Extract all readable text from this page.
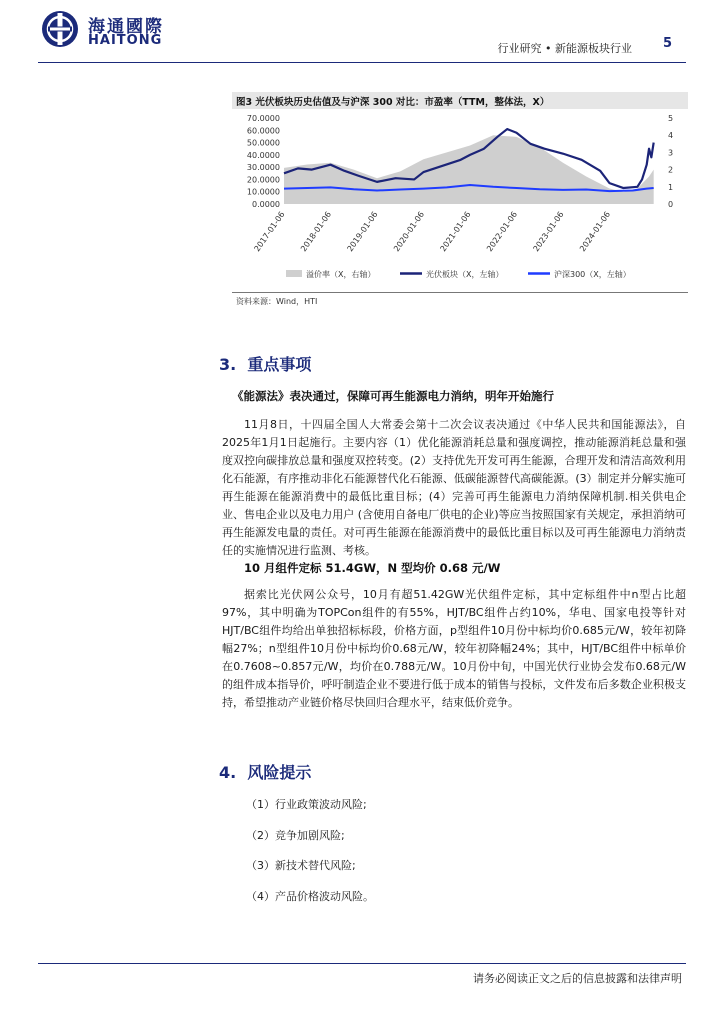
海通國際
HAITONG
行业研究 • 新能源板块行业 5
图3 光伏板块历史估值及与沪深 300 对比：市盈率（TTM，整体法，X）
70.0000
60.0000
50.0000
40.0000
30.0000
20.0000
10.0000
0.0000
5
4
3
2
1
0
2017-01-06 2018-01-06 2019-01-06 2020-01-06 2021-01-06 2022-01-06 2023-01-06 2024-01-06
溢价率（X，右轴）	光伏板块（X，左轴）	沪深300（X，左轴）
资料来源：Wind，HTI
3. 重点事项
《能源法》表决通过，保障可再生能源电力消纳，明年开始施行

11月8日，十四届全国人大常委会第十二次会议表决通过《中华人民共和国能源法》，自2025年1月1日起施行。主要内容（1）优化能源消耗总量和强度调控，推动能源消耗总量和强度双控向碳排放总量和强度双控转变。(2）支持优先开发可再生能源，合理开发和清洁高效利用化石能源，有序推动非化石能源替代化石能源、低碳能源替代高碳能源。(3）制定并分解实施可再生能源在能源消费中的最低比重目标；(4）完善可再生能源电力消纳保障机制.相关供电企业、售电企业以及电力用户 (含使用自备电厂供电的企业)等应当按照国家有关规定，承担消纳可再生能源发电量的责任。对可再生能源在能源消费中的最低比重目标以及可再生能源电力消纳责任的实施情况进行监测、考核。

10 月组件定标 51.4GW，N 型均价 0.68 元/W

据索比光伏网公众号，10月有超51.42GW光伏组件定标，其中定标组件中n型占比超97%，其中明确为TOPCon组件的有55%，HJT/BC组件占约10%，华电、国家电投等针对HJT/BC组件均给出单独招标标段，价格方面，p型组件10月份中标均价0.685元/W，较年初降幅27%；n型组件10月份中标均价0.68元/W，较年初降幅24%；其中，HJT/BC组件中标单价在0.7608~0.857元/W，均价在0.788元/W。10月份中旬，中国光伏行业协会发布0.68元/W的组件成本指导价，呼吁制造企业不要进行低于成本的销售与投标，文件发布后多数企业积极支持，希望推动产业链价格尽快回归合理水平，结束低价竞争。

4. 风险提示
（1）行业政策波动风险;
（2）竞争加剧风险;
（3）新技术替代风险;
（4）产品价格波动风险。
请务必阅读正文之后的信息披露和法律声明
